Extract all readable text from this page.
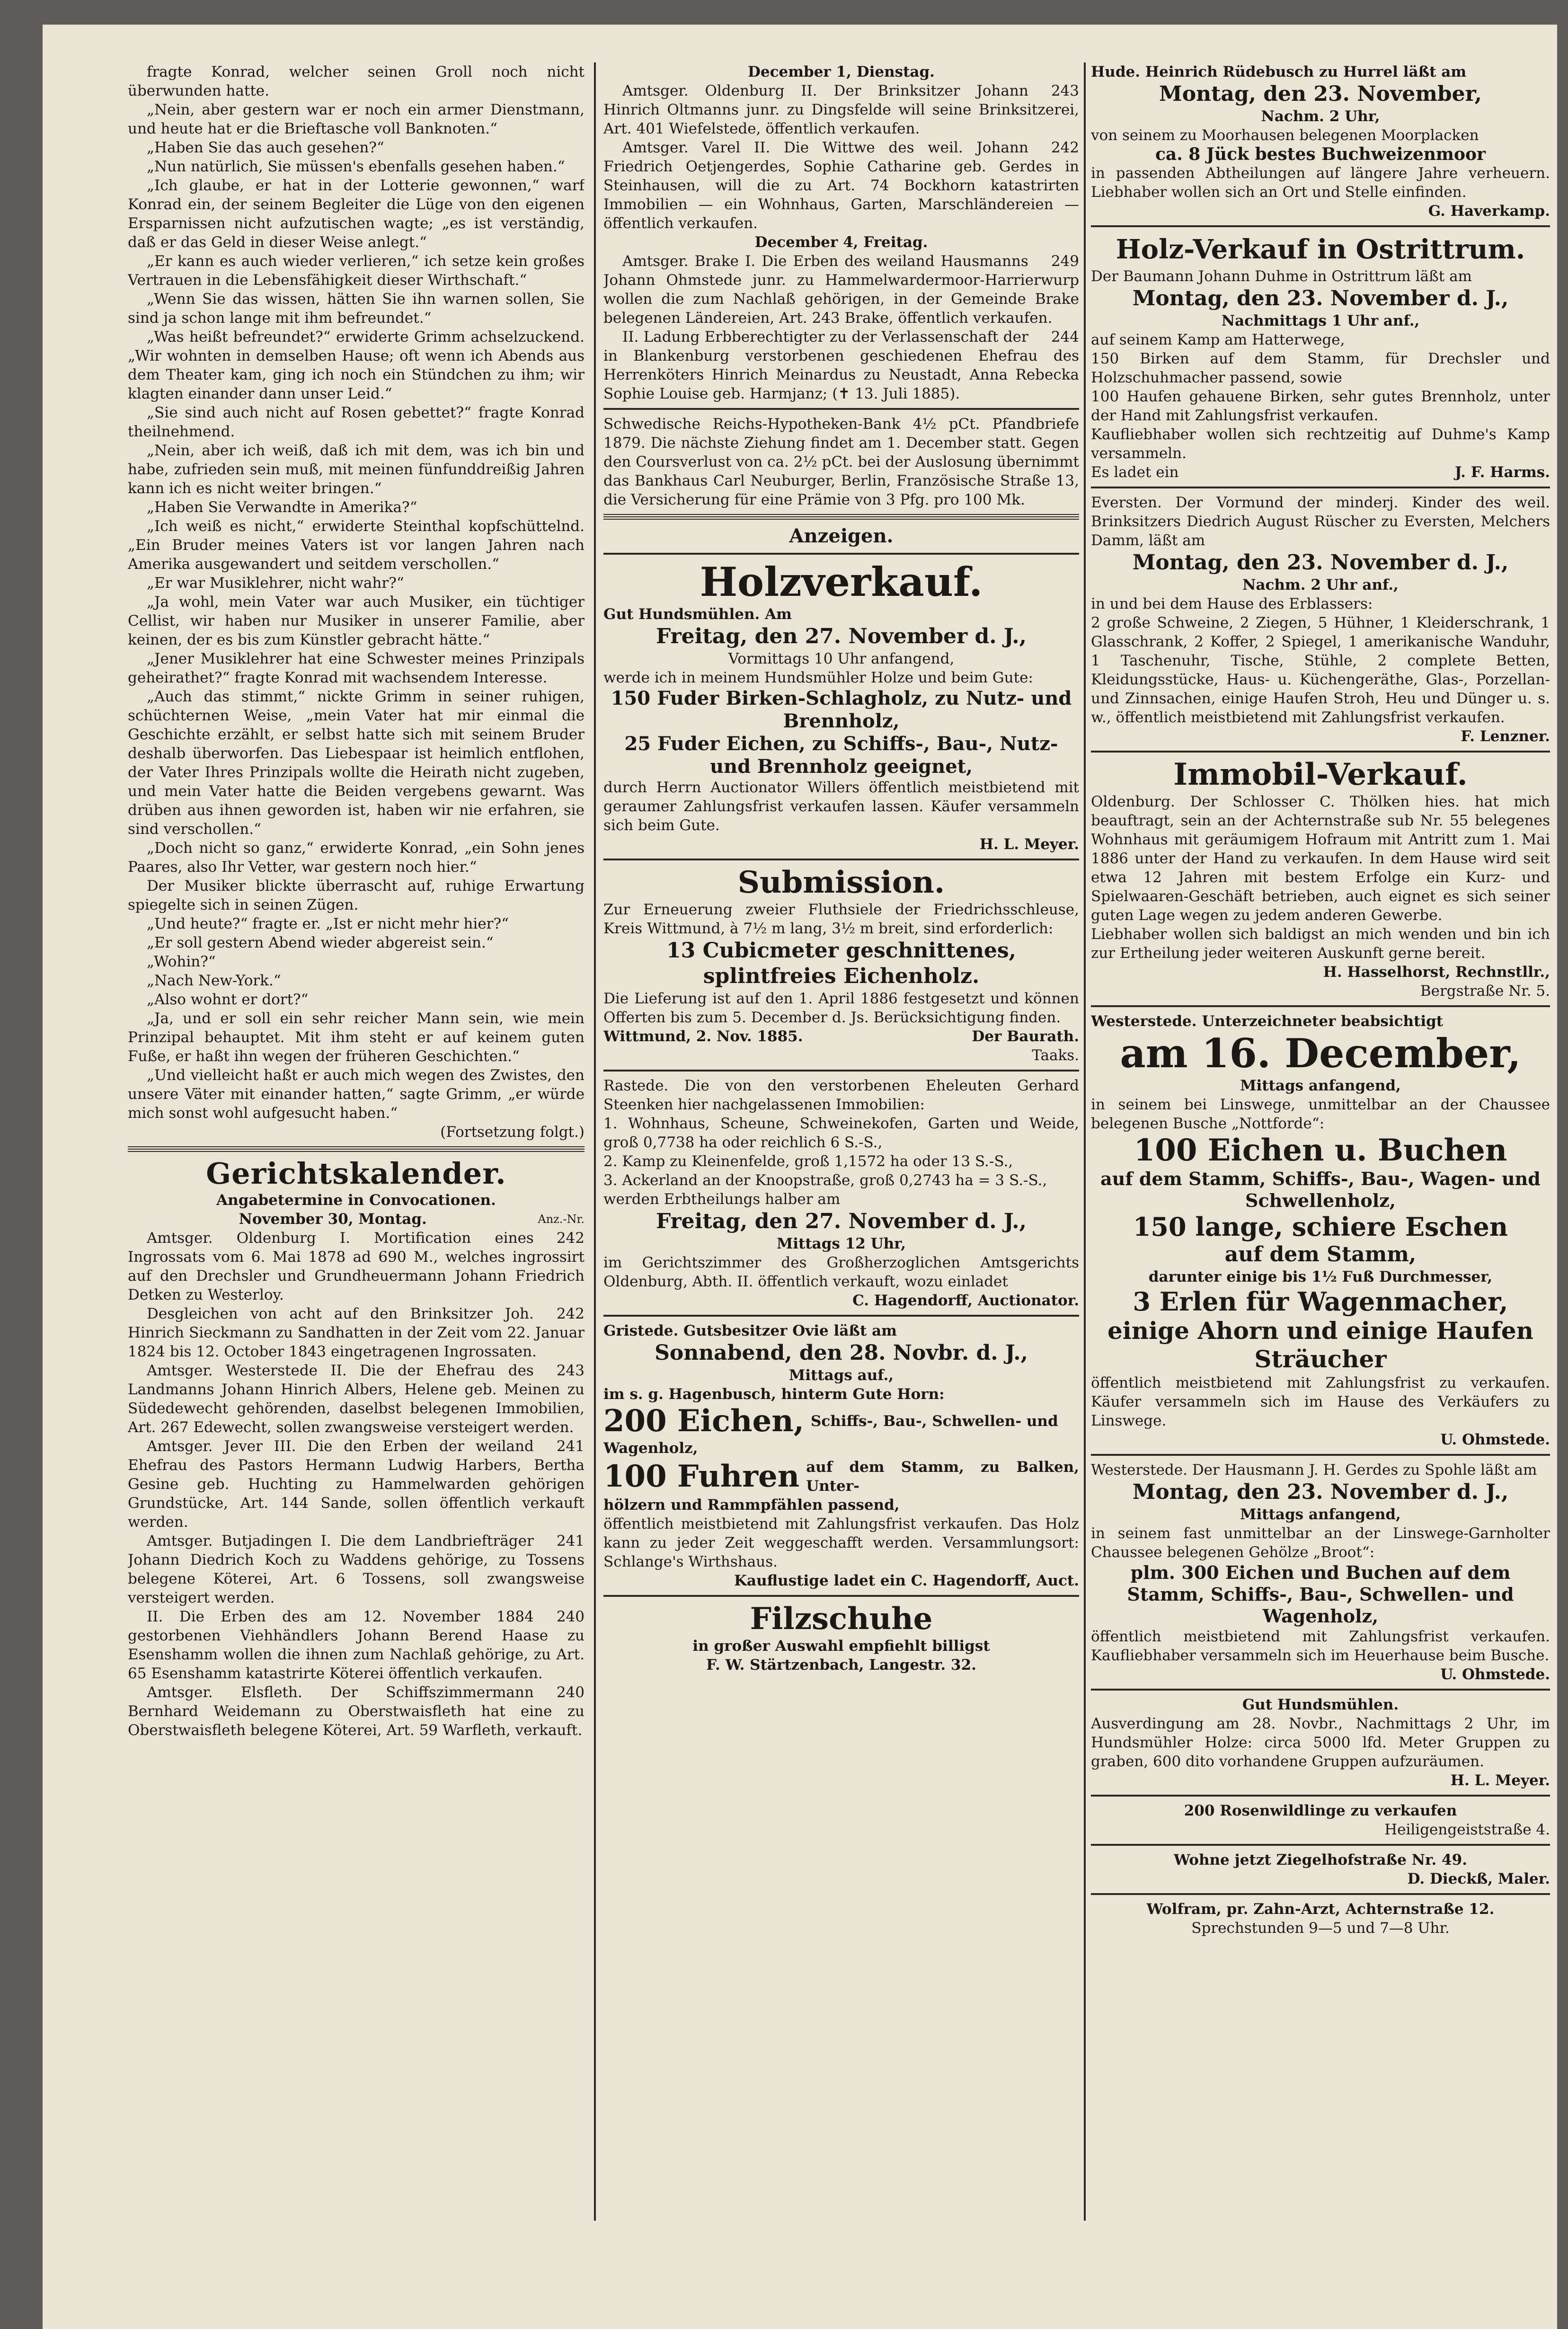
fragte Konrad, welcher seinen Groll noch nicht überwunden hatte.
„Nein, aber gestern war er noch ein armer Dienstmann, und heute hat er die Brieftasche voll Banknoten.“
„Haben Sie das auch gesehen?“
„Nun natürlich, Sie müssen's ebenfalls gesehen haben.“
„Ich glaube, er hat in der Lotterie gewonnen,“ warf Konrad ein, der seinem Begleiter die Lüge von den eigenen Ersparnissen nicht aufzutischen wagte; „es ist verständig, daß er das Geld in dieser Weise anlegt.“
„Er kann es auch wieder verlieren,“ ich setze kein großes Vertrauen in die Lebensfähigkeit dieser Wirthschaft.“
„Wenn Sie das wissen, hätten Sie ihn warnen sollen, Sie sind ja schon lange mit ihm befreundet.“
„Was heißt befreundet?“ erwiderte Grimm achselzuckend. „Wir wohnten in demselben Hause; oft wenn ich Abends aus dem Theater kam, ging ich noch ein Stündchen zu ihm; wir klagten einander dann unser Leid.“
„Sie sind auch nicht auf Rosen gebettet?“ fragte Konrad theilnehmend.
„Nein, aber ich weiß, daß ich mit dem, was ich bin und habe, zufrieden sein muß, mit meinen fünfunddreißig Jahren kann ich es nicht weiter bringen.“
„Haben Sie Verwandte in Amerika?“
„Ich weiß es nicht,“ erwiderte Steinthal kopfschüttelnd. „Ein Bruder meines Vaters ist vor langen Jahren nach Amerika ausgewandert und seitdem verschollen.“
„Er war Musiklehrer, nicht wahr?“
„Ja wohl, mein Vater war auch Musiker, ein tüchtiger Cellist, wir haben nur Musiker in unserer Familie, aber keinen, der es bis zum Künstler gebracht hätte.“
„Jener Musiklehrer hat eine Schwester meines Prinzipals geheirathet?“ fragte Konrad mit wachsendem Interesse.
„Auch das stimmt,“ nickte Grimm in seiner ruhigen, schüchternen Weise, „mein Vater hat mir einmal die Geschichte erzählt, er selbst hatte sich mit seinem Bruder deshalb überworfen. Das Liebespaar ist heimlich entflohen, der Vater Ihres Prinzipals wollte die Heirath nicht zugeben, und mein Vater hatte die Beiden vergebens gewarnt. Was drüben aus ihnen geworden ist, haben wir nie erfahren, sie sind verschollen.“
„Doch nicht so ganz,“ erwiderte Konrad, „ein Sohn jenes Paares, also Ihr Vetter, war gestern noch hier.“
Der Musiker blickte überrascht auf, ruhige Erwartung spiegelte sich in seinen Zügen.
„Und heute?“ fragte er. „Ist er nicht mehr hier?“
„Er soll gestern Abend wieder abgereist sein.“
„Wohin?“
„Nach New-York.“
„Also wohnt er dort?“
„Ja, und er soll ein sehr reicher Mann sein, wie mein Prinzipal behauptet. Mit ihm steht er auf keinem guten Fuße, er haßt ihn wegen der früheren Geschichten.“
„Und vielleicht haßt er auch mich wegen des Zwistes, den unsere Väter mit einander hatten,“ sagte Grimm, „er würde mich sonst wohl aufgesucht haben.“
(Fortsetzung folgt.)
Gerichtskalender.
Angabetermine in Convocationen.
November 30, Montag.	Anz.-Nr.
242
Amtsger. Oldenburg I. Mortification eines Ingrossats vom 6. Mai 1878 ad 690 M., welches ingrossirt auf den Drechsler und Grundheuermann Johann Friedrich Detken zu Westerloy.
242
Desgleichen von acht auf den Brinksitzer Joh. Hinrich Sieckmann zu Sandhatten in der Zeit vom 22. Januar 1824 bis 12. October 1843 eingetragenen Ingrossaten.
243
Amtsger. Westerstede II. Die der Ehefrau des Landmanns Johann Hinrich Albers, Helene geb. Meinen zu Südedewecht gehörenden, daselbst belegenen Immobilien, Art. 267 Edewecht, sollen zwangsweise versteigert werden.
241
Amtsger. Jever III. Die den Erben der weiland Ehefrau des Pastors Hermann Ludwig Harbers, Bertha Gesine geb. Huchting zu Hammelwarden gehörigen Grundstücke, Art. 144 Sande, sollen öffentlich verkauft werden.
241
Amtsger. Butjadingen I. Die dem Landbriefträger Johann Diedrich Koch zu Waddens gehörige, zu Tossens belegene Köterei, Art. 6 Tossens, soll zwangsweise versteigert werden.
240
II. Die Erben des am 12. November 1884 gestorbenen Viehhändlers Johann Berend Haase zu Esenshamm wollen die ihnen zum Nachlaß gehörige, zu Art. 65 Esenshamm katastrirte Köterei öffentlich verkaufen.
240
Amtsger. Elsfleth. Der Schiffszimmermann Bernhard Weidemann zu Oberstwaisfleth hat eine zu Oberstwaisfleth belegene Köterei, Art. 59 Warfleth, verkauft.
December 1, Dienstag.
243
Amtsger. Oldenburg II. Der Brinksitzer Johann Hinrich Oltmanns junr. zu Dingsfelde will seine Brinksitzerei, Art. 401 Wiefelstede, öffentlich verkaufen.
242
Amtsger. Varel II. Die Wittwe des weil. Johann Friedrich Oetjengerdes, Sophie Catharine geb. Gerdes in Steinhausen, will die zu Art. 74 Bockhorn katastrirten Immobilien — ein Wohnhaus, Garten, Marschländereien — öffentlich verkaufen.
December 4, Freitag.
249
Amtsger. Brake I. Die Erben des weiland Hausmanns Johann Ohmstede junr. zu Hammelwardermoor-Harrierwurp wollen die zum Nachlaß gehörigen, in der Gemeinde Brake belegenen Ländereien, Art. 243 Brake, öffentlich verkaufen.
244
II. Ladung Erbberechtigter zu der Verlassenschaft der in Blankenburg verstorbenen geschiedenen Ehefrau des Herrenköters Hinrich Meinardus zu Neustadt, Anna Rebecka Sophie Louise geb. Harmjanz; (✝ 13. Juli 1885).
Schwedische Reichs-Hypotheken-Bank 4½ pCt. Pfandbriefe 1879. Die nächste Ziehung findet am 1. December statt. Gegen den Coursverlust von ca. 2½ pCt. bei der Auslosung übernimmt das Bankhaus Carl Neuburger, Berlin, Französische Straße 13, die Versicherung für eine Prämie von 3 Pfg. pro 100 Mk.
Anzeigen.
Holzverkauf.
Gut Hundsmühlen. Am
Freitag, den 27. November d. J.,
Vormittags 10 Uhr anfangend,
werde ich in meinem Hundsmühler Holze und beim Gute:
150 Fuder Birken-Schlagholz, zu Nutz- und Brennholz,
25 Fuder Eichen, zu Schiffs-, Bau-, Nutz- und Brennholz geeignet,
durch Herrn Auctionator Willers öffentlich meistbietend mit geraumer Zahlungsfrist verkaufen lassen. Käufer versammeln sich beim Gute.
H. L. Meyer.
Submission.
Zur Erneuerung zweier Fluthsiele der Friedrichsschleuse, Kreis Wittmund, à 7½ m lang, 3½ m breit, sind erforderlich:
13 Cubicmeter geschnittenes, splintfreies Eichenholz.
Die Lieferung ist auf den 1. April 1886 festgesetzt und können Offerten bis zum 5. December d. Js. Berücksichtigung finden.
Wittmund, 2. Nov. 1885.	Der Baurath.
Taaks.
Rastede. Die von den verstorbenen Eheleuten Gerhard Steenken hier nachgelassenen Immobilien:
1. Wohnhaus, Scheune, Schweinekofen, Garten und Weide, groß 0,7738 ha oder reichlich 6 S.-S.,
2. Kamp zu Kleinenfelde, groß 1,1572 ha oder 13 S.-S.,
3. Ackerland an der Knoopstraße, groß 0,2743 ha = 3 S.-S.,
werden Erbtheilungs halber am
Freitag, den 27. November d. J.,
Mittags 12 Uhr,
im Gerichtszimmer des Großherzoglichen Amtsgerichts Oldenburg, Abth. II. öffentlich verkauft, wozu einladet
C. Hagendorff, Auctionator.
Gristede. Gutsbesitzer Ovie läßt am
Sonnabend, den 28. Novbr. d. J.,
Mittags auf.,
im s. g. Hagenbusch, hinterm Gute Horn:
200 Eichen, Schiffs-, Bau-, Schwellen- und
Wagenholz,
100 Fuhren auf dem Stamm, zu Balken, Unter-
hölzern und Rammpfählen passend,
öffentlich meistbietend mit Zahlungsfrist verkaufen. Das Holz kann zu jeder Zeit weggeschafft werden. Versammlungsort: Schlange's Wirthshaus.
Kauflustige ladet ein C. Hagendorff, Auct.
Filzschuhe
in großer Auswahl empfiehlt billigst
F. W. Stärtzenbach, Langestr. 32.
Hude. Heinrich Rüdebusch zu Hurrel läßt am
Montag, den 23. November,
Nachm. 2 Uhr,
von seinem zu Moorhausen belegenen Moorplacken
ca. 8 Jück bestes Buchweizenmoor
in passenden Abtheilungen auf längere Jahre verheuern. Liebhaber wollen sich an Ort und Stelle einfinden.
G. Haverkamp.
Holz-Verkauf in Ostrittrum.
Der Baumann Johann Duhme in Ostrittrum läßt am
Montag, den 23. November d. J.,
Nachmittags 1 Uhr anf.,
auf seinem Kamp am Hatterwege,
150 Birken auf dem Stamm, für Drechsler und Holzschuhmacher passend, sowie
100 Haufen gehauene Birken, sehr gutes Brennholz, unter der Hand mit Zahlungsfrist verkaufen.
Kaufliebhaber wollen sich rechtzeitig auf Duhme's Kamp versammeln.
Es ladet ein	J. F. Harms.
Eversten. Der Vormund der minderj. Kinder des weil. Brinksitzers Diedrich August Rüscher zu Eversten, Melchers Damm, läßt am
Montag, den 23. November d. J.,
Nachm. 2 Uhr anf.,
in und bei dem Hause des Erblassers:
2 große Schweine, 2 Ziegen, 5 Hühner, 1 Kleiderschrank, 1 Glasschrank, 2 Koffer, 2 Spiegel, 1 amerikanische Wanduhr, 1 Taschenuhr, Tische, Stühle, 2 complete Betten, Kleidungsstücke, Haus- u. Küchengeräthe, Glas-, Porzellan- und Zinnsachen, einige Haufen Stroh, Heu und Dünger u. s. w., öffentlich meistbietend mit Zahlungsfrist verkaufen.
F. Lenzner.
Immobil-Verkauf.
Oldenburg. Der Schlosser C. Thölken hies. hat mich beauftragt, sein an der Achternstraße sub Nr. 55 belegenes Wohnhaus mit geräumigem Hofraum mit Antritt zum 1. Mai 1886 unter der Hand zu verkaufen. In dem Hause wird seit etwa 12 Jahren mit bestem Erfolge ein Kurz- und Spielwaaren-Geschäft betrieben, auch eignet es sich seiner guten Lage wegen zu jedem anderen Gewerbe.
Liebhaber wollen sich baldigst an mich wenden und bin ich zur Ertheilung jeder weiteren Auskunft gerne bereit.
H. Hasselhorst, Rechnstllr.,
Bergstraße Nr. 5.
Westerstede. Unterzeichneter beabsichtigt
am 16. December,
Mittags anfangend,
in seinem bei Linswege, unmittelbar an der Chaussee belegenen Busche „Nottforde“:
100 Eichen u. Buchen
auf dem Stamm, Schiffs-, Bau-, Wagen- und Schwellenholz,
150 lange, schiere Eschen
auf dem Stamm,
darunter einige bis 1½ Fuß Durchmesser,
3 Erlen für Wagenmacher,
einige Ahorn und einige Haufen Sträucher
öffentlich meistbietend mit Zahlungsfrist zu verkaufen. Käufer versammeln sich im Hause des Verkäufers zu Linswege.
U. Ohmstede.
Westerstede. Der Hausmann J. H. Gerdes zu Spohle läßt am
Montag, den 23. November d. J.,
Mittags anfangend,
in seinem fast unmittelbar an der Linswege-Garnholter Chaussee belegenen Gehölze „Broot“:
plm. 300 Eichen und Buchen auf dem Stamm, Schiffs-, Bau-, Schwellen- und Wagenholz,
öffentlich meistbietend mit Zahlungsfrist verkaufen. Kaufliebhaber versammeln sich im Heuerhause beim Busche.
U. Ohmstede.
Gut Hundsmühlen.
Ausverdingung am 28. Novbr., Nachmittags 2 Uhr, im Hundsmühler Holze: circa 5000 lfd. Meter Gruppen zu graben, 600 dito vorhandene Gruppen aufzuräumen.
H. L. Meyer.
200 Rosenwildlinge zu verkaufen
Heiligengeiststraße 4.
Wohne jetzt Ziegelhofstraße Nr. 49.
D. Dieckß, Maler.
Wolfram, pr. Zahn-Arzt, Achternstraße 12.
Sprechstunden 9—5 und 7—8 Uhr.
